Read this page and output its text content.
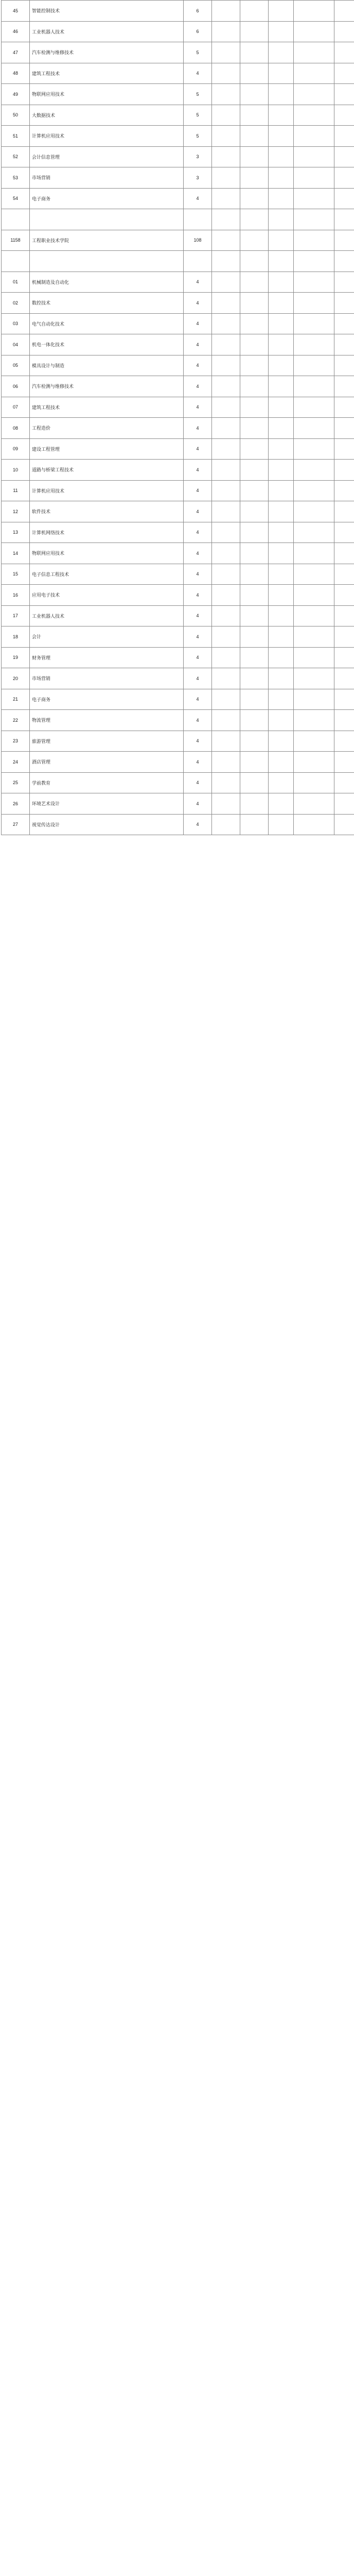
45	智能控制技术	6					
46	工业机器人技术	6					
47	汽车检测与维修技术	5					
48	建筑工程技术	4					
49	物联网应用技术	5					
50	大数据技术	5					
51	计算机应用技术	5					
52	会计信息管理	3					
53	市场营销	3					
54	电子商务	4					

1158	工程职业技术学院	108					

01	机械制造及自动化	4					
02	数控技术	4					
03	电气自动化技术	4					
04	机电一体化技术	4					
05	模具设计与制造	4					
06	汽车检测与维修技术	4					
07	建筑工程技术	4					
08	工程造价	4					
09	建设工程管理	4					
10	道路与桥梁工程技术	4					
11	计算机应用技术	4					
12	软件技术	4					
13	计算机网络技术	4					
14	物联网应用技术	4					
15	电子信息工程技术	4					
16	应用电子技术	4					
17	工业机器人技术	4					
18	会计	4					
19	财务管理	4					
20	市场营销	4					
21	电子商务	4					
22	物流管理	4					
23	旅游管理	4					
24	酒店管理	4					
25	学前教育	4					
26	环境艺术设计	4					
27	视觉传达设计	4					
